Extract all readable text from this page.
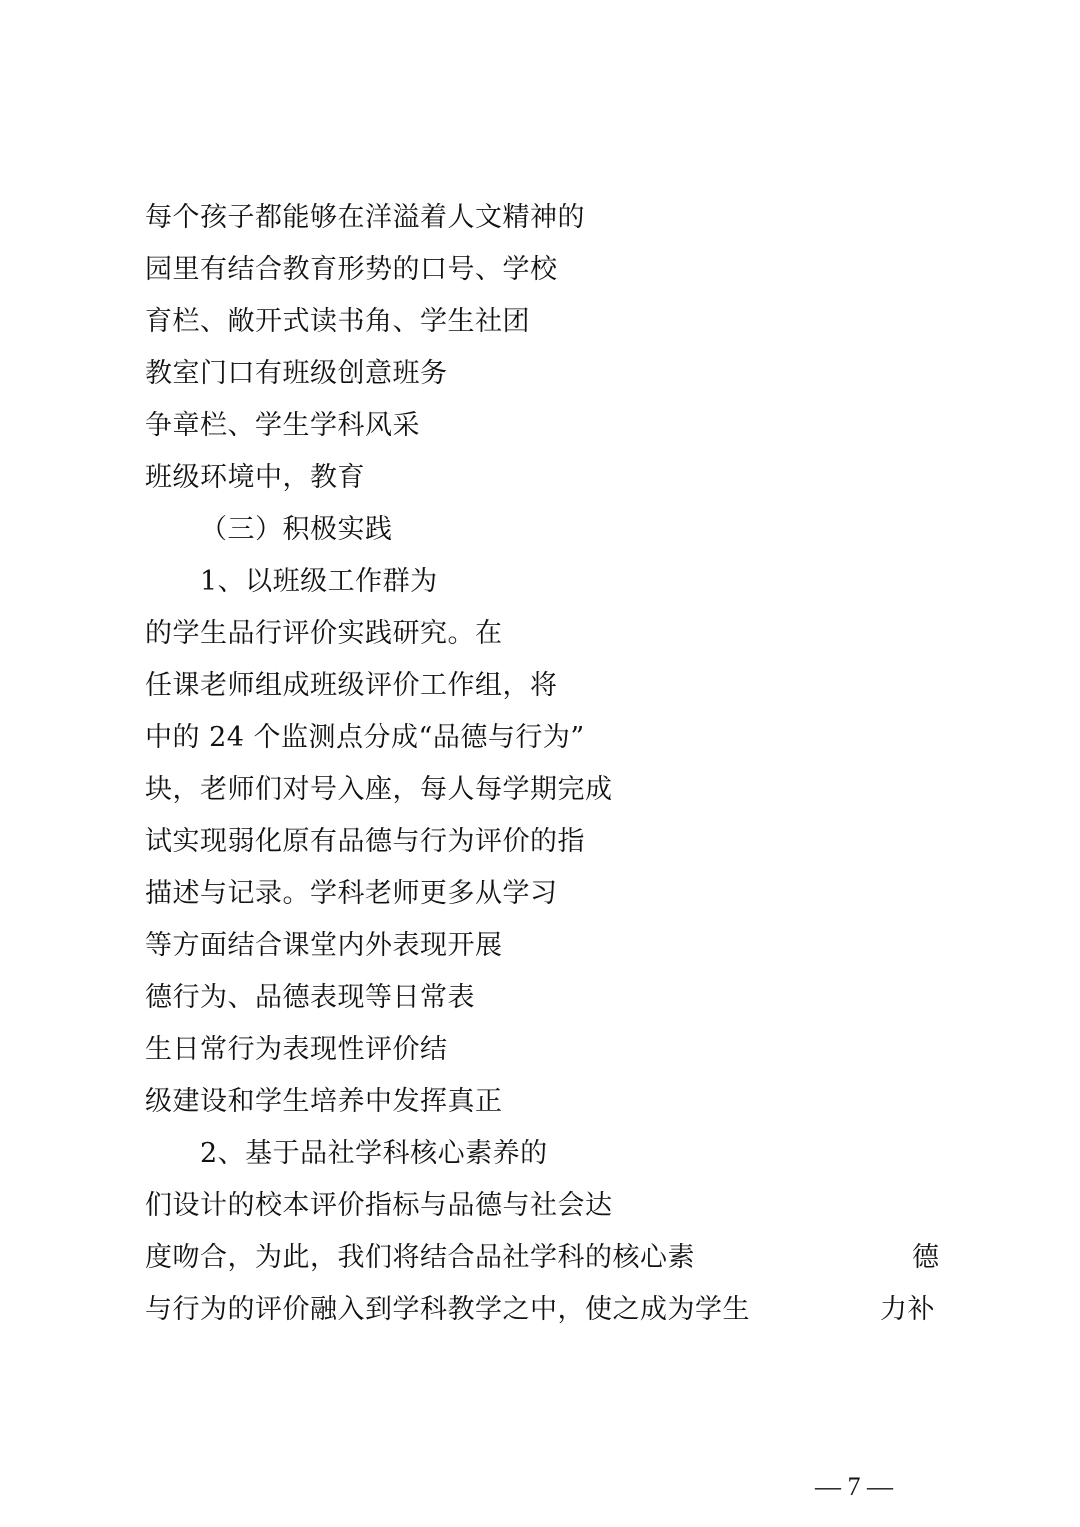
每个孩子都能够在洋溢着人文精神的
园里有结合教育形势的口号、学校
育栏、敞开式读书角、学生社团
教室门口有班级创意班务
争章栏、学生学科风采
班级环境中，教育
（三）积极实践
1、以班级工作群为
的学生品行评价实践研究。在
任课老师组成班级评价工作组，将
中的 24 个监测点分成“品德与行为”
块，老师们对号入座，每人每学期完成
试实现弱化原有品德与行为评价的指
描述与记录。学科老师更多从学习
等方面结合课堂内外表现开展
德行为、品德表现等日常表
生日常行为表现性评价结
级建设和学生培养中发挥真正
2、基于品社学科核心素养的
们设计的校本评价指标与品德与社会达
度吻合，为此，我们将结合品社学科的核心素	德
与行为的评价融入到学科教学之中，使之成为学生	力补
— 7 —
